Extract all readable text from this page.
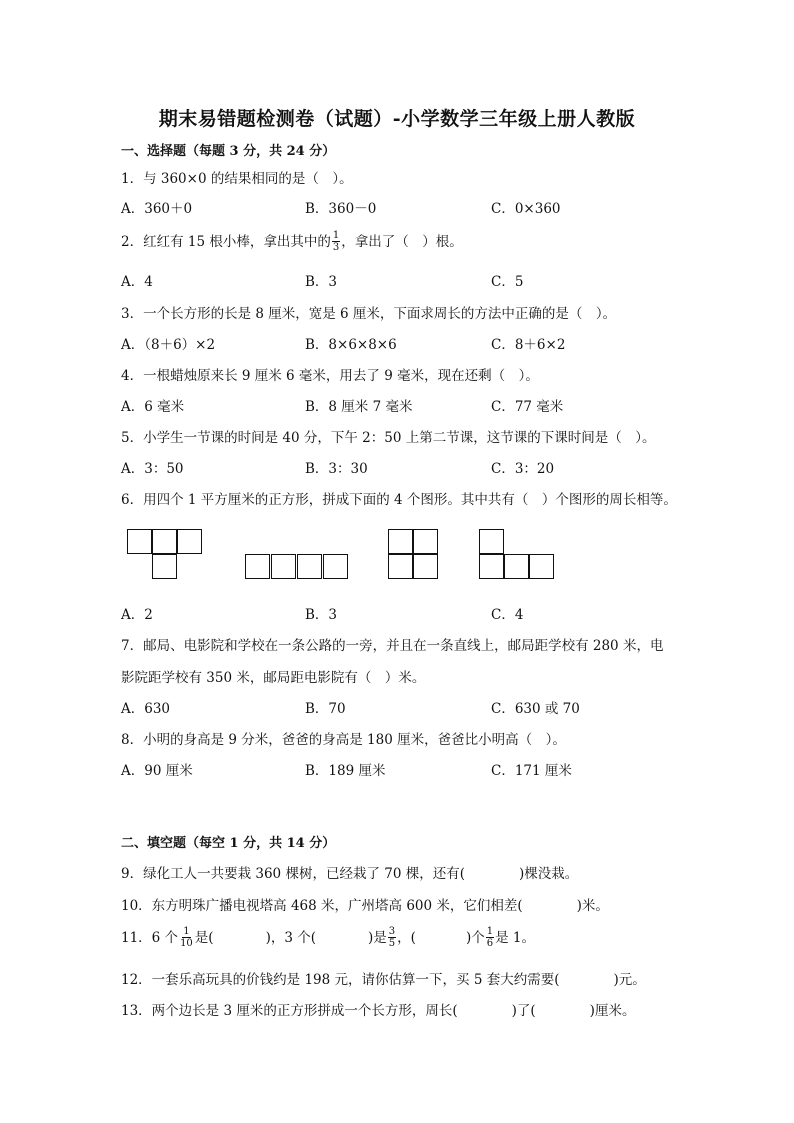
期末易错题检测卷（试题）-小学数学三年级上册人教版
一、选择题（每题 3 分，共 24 分）
1．与 360×0 的结果相同的是（　）。
A．360＋0	B．360－0	C．0×360
2．红红有 15 根小棒，拿出其中的 $\frac{1}{3}$ ，拿出了（　）根。
A．4	B．3	C．5
3．一个长方形的长是 8 厘米，宽是 6 厘米，下面求周长的方法中正确的是（　）。
A．（8＋6）×2	B．8×6×8×6	C．8＋6×2
4．一根蜡烛原来长 9 厘米 6 毫米，用去了 9 毫米，现在还剩（　）。
A．6 毫米	B．8 厘米 7 毫米	C．77 毫米
5．小学生一节课的时间是 40 分，下午 2：50 上第二节课，这节课的下课时间是（　）。
A．3：50	B．3：30	C．3：20
6．用四个 1 平方厘米的正方形，拼成下面的 4 个图形。其中共有（　）个图形的周长相等。
A．2	B．3	C．4
7．邮局、电影院和学校在一条公路的一旁，并且在一条直线上，邮局距学校有 280 米，电
影院距学校有 350 米，邮局距电影院有（　）米。
A．630	B．70	C．630 或 70
8．小明的身高是 9 分米，爸爸的身高是 180 厘米，爸爸比小明高（　）。
A．90 厘米	B．189 厘米	C．171 厘米
二、填空题（每空 1 分，共 14 分）
9．绿化工人一共要栽 360 棵树，已经栽了 70 棵，还有(	)棵没栽。
10．东方明珠广播电视塔高 468 米，广州塔高 600 米，它们相差(	)米。
11．6 个 $\frac{1}{10}$ 是(	)，3 个(	)是 $\frac{3}{5}$ ，(	)个 $\frac{1}{6}$ 是 1。
12．一套乐高玩具的价钱约是 198 元，请你估算一下，买 5 套大约需要(	)元。
13．两个边长是 3 厘米的正方形拼成一个长方形，周长(	)了(	)厘米。
